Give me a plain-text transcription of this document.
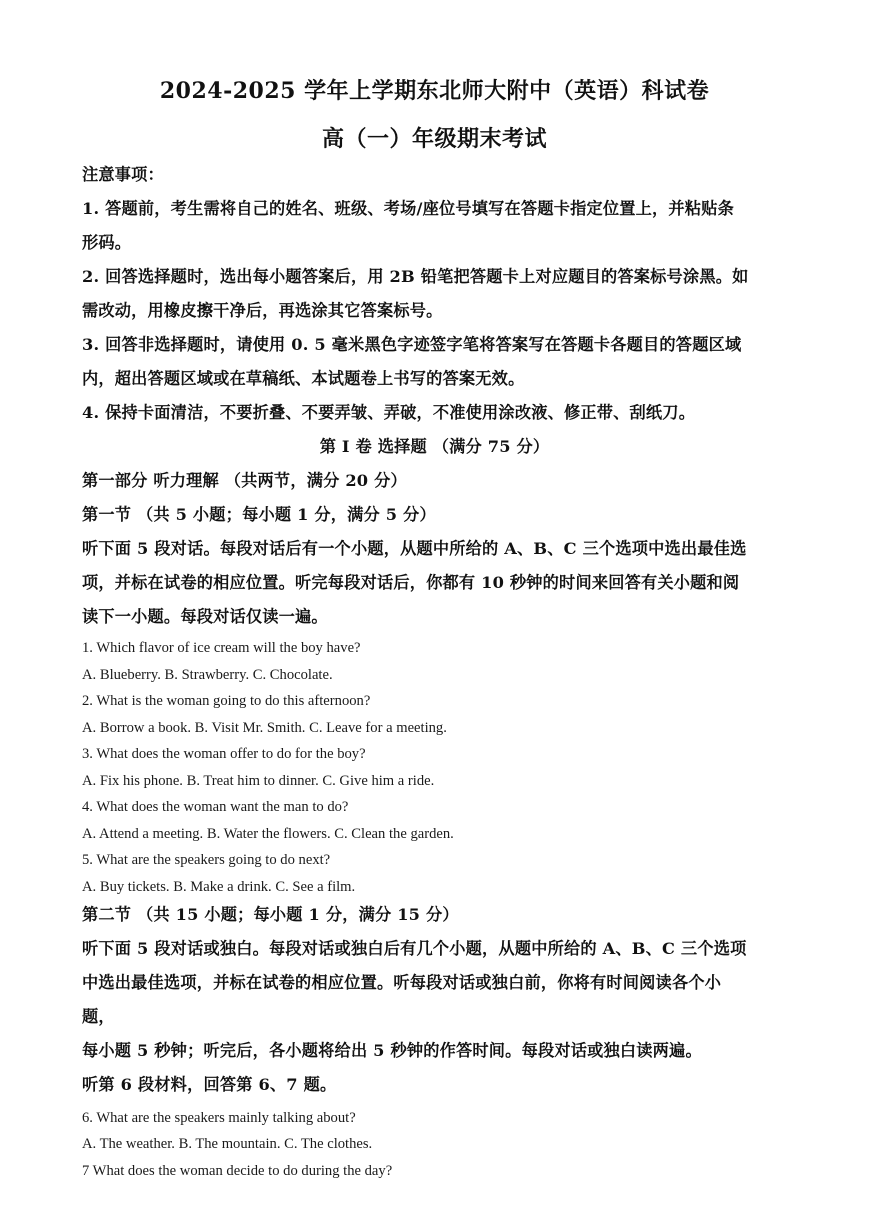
2024-2025 学年上学期东北师大附中（英语）科试卷
高（一）年级期末考试
注意事项：
1. 答题前，考生需将自己的姓名、班级、考场/座位号填写在答题卡指定位置上，并粘贴条
形码。
2. 回答选择题时，选出每小题答案后，用 2B 铅笔把答题卡上对应题目的答案标号涂黑。如
需改动，用橡皮擦干净后，再选涂其它答案标号。
3. 回答非选择题时，请使用 0. 5 毫米黑色字迹签字笔将答案写在答题卡各题目的答题区域
内，超出答题区域或在草稿纸、本试题卷上书写的答案无效。
4. 保持卡面清洁，不要折叠、不要弄皱、弄破，不准使用涂改液、修正带、刮纸刀。
第 I 卷 选择题 （满分 75 分）
第一部分 听力理解 （共两节，满分 20 分）
第一节 （共 5 小题；每小题 1 分，满分 5 分）
听下面 5 段对话。每段对话后有一个小题，从题中所给的 A、B、C 三个选项中选出最佳选
项，并标在试卷的相应位置。听完每段对话后，你都有 10 秒钟的时间来回答有关小题和阅
读下一小题。每段对话仅读一遍。
1. Which flavor of ice cream will the boy have?
A. Blueberry. B. Strawberry. C. Chocolate.
2. What is the woman going to do this afternoon?
A. Borrow a book. B. Visit Mr. Smith. C. Leave for a meeting.
3. What does the woman offer to do for the boy?
A. Fix his phone. B. Treat him to dinner. C. Give him a ride.
4. What does the woman want the man to do?
A. Attend a meeting. B. Water the flowers. C. Clean the garden.
5. What are the speakers going to do next?
A. Buy tickets. B. Make a drink. C. See a film.
第二节 （共 15 小题；每小题 1 分，满分 15 分）
听下面 5 段对话或独白。每段对话或独白后有几个小题，从题中所给的 A、B、C 三个选项
中选出最佳选项，并标在试卷的相应位置。听每段对话或独白前，你将有时间阅读各个小
题，
每小题 5 秒钟；听完后，各小题将给出 5 秒钟的作答时间。每段对话或独白读两遍。
听第 6 段材料，回答第 6、7 题。
6. What are the speakers mainly talking about?
A. The weather. B. The mountain. C. The clothes.
7 What does the woman decide to do during the day?
